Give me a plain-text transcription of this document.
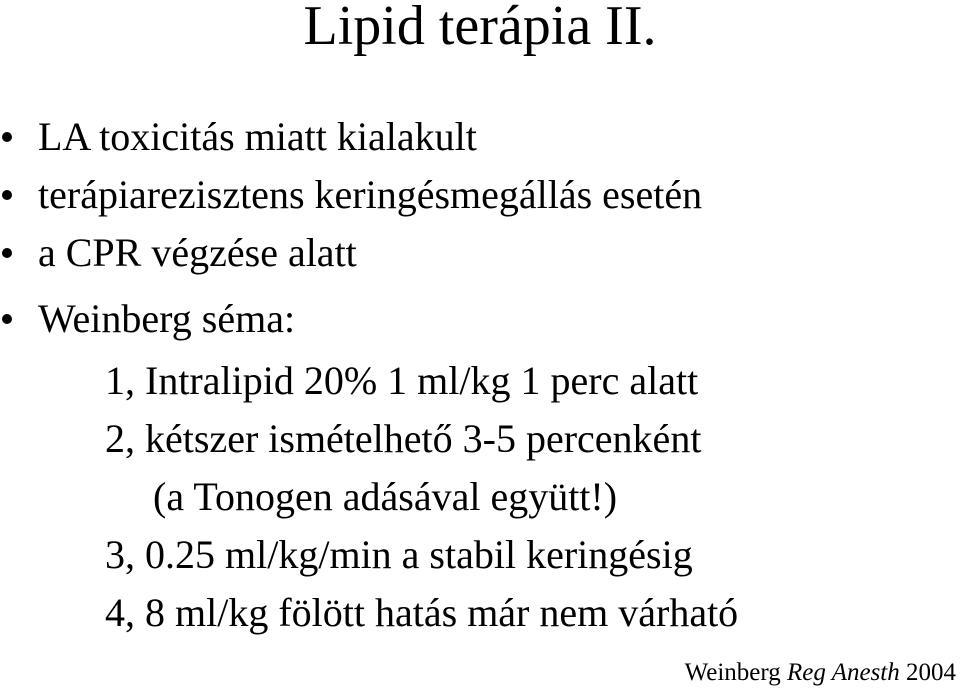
Lipid terápia II.
LA toxicitás miatt kialakult
terápiarezisztens keringésmegállás esetén
a CPR végzése alatt
Weinberg séma:
1, Intralipid 20% 1 ml/kg 1 perc alatt
2, kétszer ismételhető 3-5 percenként
(a Tonogen adásával együtt!)
3, 0.25 ml/kg/min a stabil keringésig
4, 8 ml/kg fölött hatás már nem várható
Weinberg Reg Anesth 2004
